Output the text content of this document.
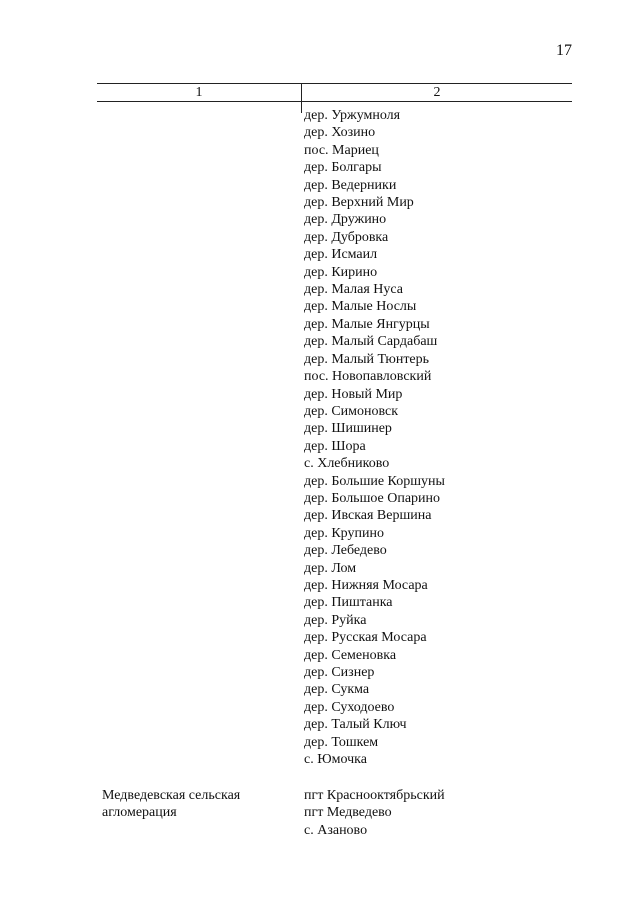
17
1	2
дер. Уржумноля
дер. Хозино
пос. Мариец
дер. Болгары
дер. Ведерники
дер. Верхний Мир
дер. Дружино
дер. Дубровка
дер. Исмаил
дер. Кирино
дер. Малая Нуса
дер. Малые Нослы
дер. Малые Янгурцы
дер. Малый Сардабаш
дер. Малый Тюнтерь
пос. Новопавловский
дер. Новый Мир
дер. Симоновск
дер. Шишинер
дер. Шора
с. Хлебниково
дер. Большие Коршуны
дер. Большое Опарино
дер. Ивская Вершина
дер. Крупино
дер. Лебедево
дер. Лом
дер. Нижняя Мосара
дер. Пиштанка
дер. Руйка
дер. Русская Мосара
дер. Семеновка
дер. Сизнер
дер. Сукма
дер. Суходоево
дер. Талый Ключ
дер. Тошкем
с. Юмочка
Медведевская сельская
агломерация
пгт Краснооктябрьский
пгт Медведево
с. Азаново
